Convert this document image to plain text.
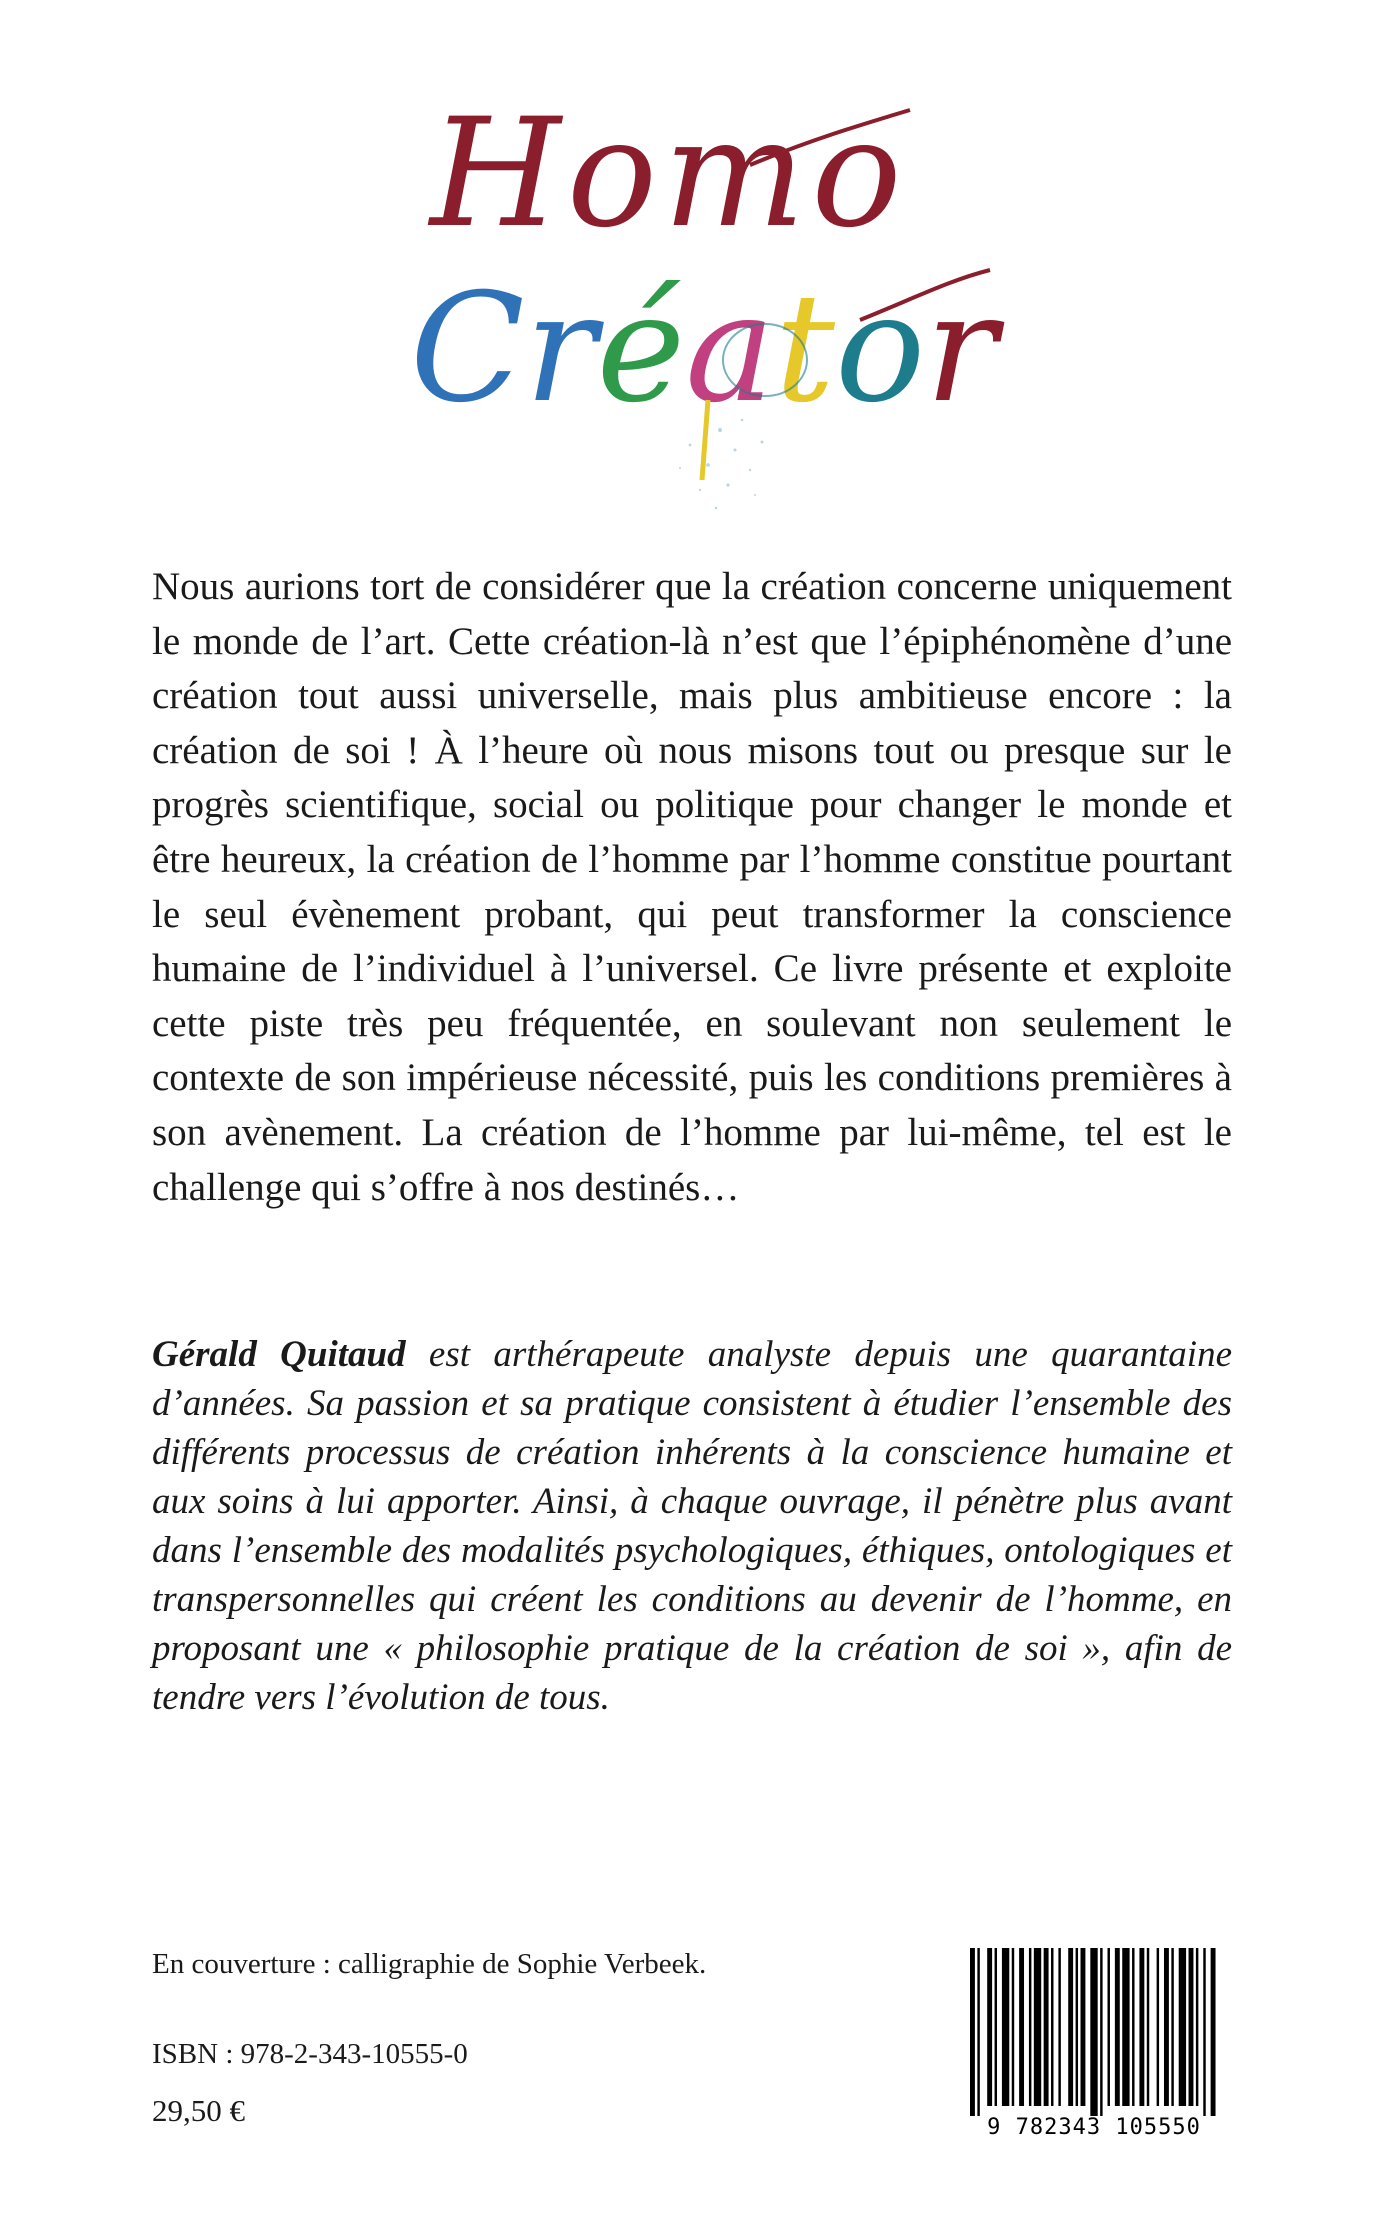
Homo
Créator

Nous aurions tort de considérer que la création concerne uniquement le monde de l’art. Cette création-là n’est que l’épiphénomène d’une création tout aussi universelle, mais plus ambitieuse encore : la création de soi ! À l’heure où nous misons tout ou presque sur le progrès scientifique, social ou politique pour changer le monde et être heureux, la création de l’homme par l’homme constitue pourtant le seul évènement probant, qui peut transformer la conscience humaine de l’individuel à l’universel. Ce livre présente et exploite cette piste très peu fréquentée, en soulevant non seulement le contexte de son impérieuse nécessité, puis les conditions premières à son avènement. La création de l’homme par lui-même, tel est le challenge qui s’offre à nos destinés…

Gérald Quitaud est arthérapeute analyste depuis une quarantaine d’années. Sa passion et sa pratique consistent à étudier l’ensemble des différents processus de création inhérents à la conscience humaine et aux soins à lui apporter. Ainsi, à chaque ouvrage, il pénètre plus avant dans l’ensemble des modalités psychologiques, éthiques, ontologiques et transpersonnelles qui créent les conditions au devenir de l’homme, en proposant une « philosophie pratique de la création de soi », afin de tendre vers l’évolution de tous.

En couverture : calligraphie de Sophie Verbeek.

ISBN : 978-2-343-10555-0

29,50 €	9 782343 105550
